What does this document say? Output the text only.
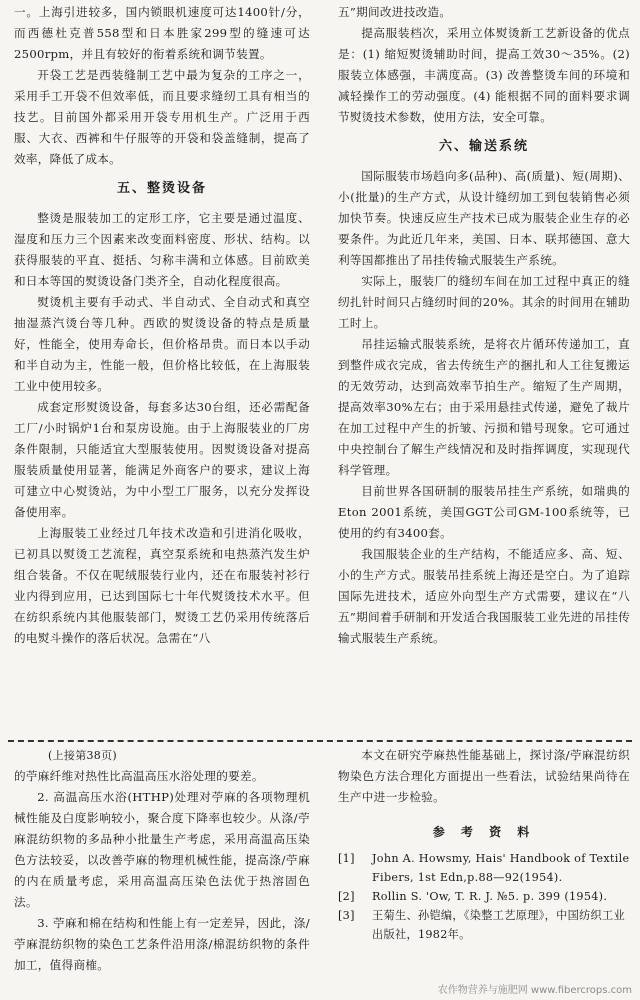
一。上海引进较多，国内锁眼机速度可达1400针/分，而西德杜克普558型和日本胜家299型的缝速可达2500rpm，并且有较好的衔着系统和调节装置。

开袋工艺是西装缝制工艺中最为复杂的工序之一，采用手工开袋不但效率低，而且要求缝纫工具有相当的技艺。目前国外都采用开袋专用机生产。广泛用于西服、大衣、西裤和牛仔服等的开袋和袋盖缝制，提高了效率，降低了成本。

五、整烫设备

整烫是服装加工的定形工序，它主要是通过温度、湿度和压力三个因素来改变面料密度、形状、结构。以获得服装的平直、挺括、匀称丰满和立体感。目前欧美和日本等国的熨烫设备门类齐全，自动化程度很高。

熨烫机主要有手动式、半自动式、全自动式和真空抽湿蒸汽烫台等几种。西欧的熨烫设备的特点是质量好，性能全，使用寿命长，但价格昂贵。而日本以手动和半自动为主，性能一般，但价格比较低，在上海服装工业中使用较多。

成套定形熨烫设备，每套多达30台组，还必需配备工厂/小时锅炉1台和泵房设施。由于上海服装业的厂房条件限制，只能适宜大型服装使用。因熨烫设备对提高服装质量使用显著，能满足外商客户的要求，建议上海可建立中心熨烫站，为中小型工厂服务，以充分发挥设备使用率。

上海服装工业经过几年技术改造和引进消化吸收，已初具以熨烫工艺流程，真空泵系统和电热蒸汽发生炉组合装备。不仅在呢绒服装行业内，还在布服装衬衫行业内得到应用，已达到国际七十年代熨烫技术水平。但在纺织系统内其他服装部门，熨烫工艺仍采用传统落后的电熨斗操作的落后状况。急需在“八

五”期间改进技改造。

提高服装档次，采用立体熨烫新工艺新设备的优点是：(1) 缩短熨烫辅助时间，提高工效30～35%。(2) 服装立体感强，丰满度高。(3) 改善整烫车间的环境和减轻操作工的劳动强度。(4) 能根据不同的面料要求调节熨烫技术参数，使用方法，安全可靠。

六、输送系统

国际服装市场趋向多(品种)、高(质量)、短(周期)、小(批量)的生产方式，从设计缝纫加工到包装销售必须加快节奏。快速反应生产技术已成为服装企业生存的必要条件。为此近几年来，美国、日本、联邦德国、意大利等国都推出了吊挂传输式服装生产系统。

实际上，服装厂的缝纫车间在加工过程中真正的缝纫扎针时间只占缝纫时间的20%。其余的时间用在辅助工时上。

吊挂运输式服装系统，是将衣片循环传递加工，直到整件成衣完成，省去传统生产的捆扎和人工往复搬运的无效劳动，达到高效率节拍生产。缩短了生产周期，提高效率30%左右；由于采用悬挂式传递，避免了裁片在加工过程中产生的折皱、污损和错号现象。它可通过中央控制台了解生产线情况和及时指挥调度，实现现代科学管理。

目前世界各国研制的服装吊挂生产系统，如瑞典的Eton 2001系统，美国GGT公司GM-100系统等，已使用的约有3400套。

我国服装企业的生产结构，不能适应多、高、短、小的生产方式。服装吊挂系统上海还是空白。为了追踪国际先进技术，适应外向型生产方式需要，建议在“八五”期间着手研制和开发适合我国服装工业先进的吊挂传输式服装生产系统。

(上接第38页)

的苧麻纤维对热性比高温高压水浴处理的要差。

2. 高温高压水浴(HTHP)处理对苧麻的各项物理机械性能及白度影响较小，聚合度下降率也较少。从涤/苧麻混纺织物的多品种小批量生产考虑，采用高温高压染色方法较妥，以改善苧麻的物理机械性能，提高涤/苧麻的内在质量考虑，采用高温高压染色法优于热溶固色法。

3. 苧麻和棉在结构和性能上有一定差异，因此，涤/苧麻混纺织物的染色工艺条件沿用涤/棉混纺织物的条件加工，值得商榷。

本文在研究苧麻热性能基础上，探讨涤/苧麻混纺织物染色方法合理化方面提出一些看法，试验结果尚待在生产中进一步检验。

参 考 资 料
[1]	John A. Howsmy, Hais' Handbook of Textile Fibers, 1st Edn,p.88—92(1954).
[2]	Rollin S. 'Ow, T. R. J. №5. p. 399 (1954).
[3]	王菊生、孙铠编，《染整工艺原理》，中国纺织工业出版社，1982年。
农作物营养与施肥网 www.fibercrops.com
